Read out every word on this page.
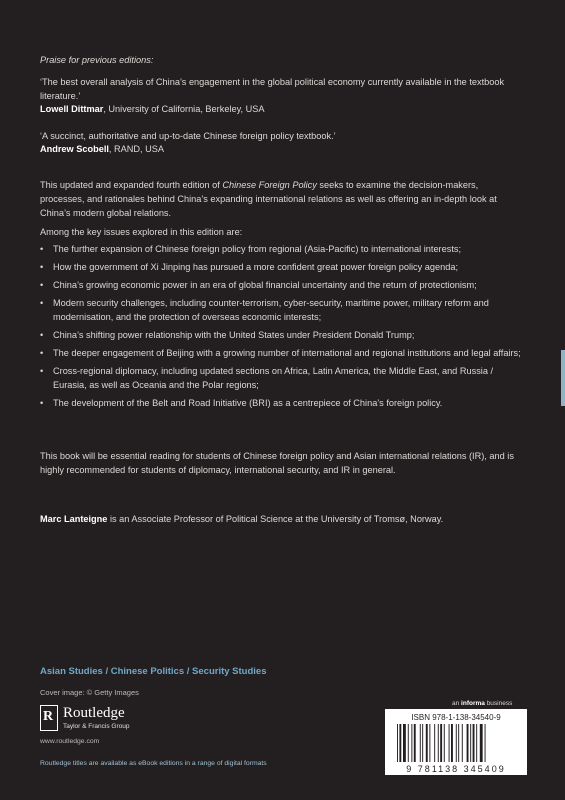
Praise for previous editions:
‘The best overall analysis of China’s engagement in the global political economy currently available in the textbook literature.’
Lowell Dittmar, University of California, Berkeley, USA
‘A succinct, authoritative and up-to-date Chinese foreign policy textbook.’
Andrew Scobell, RAND, USA
This updated and expanded fourth edition of Chinese Foreign Policy seeks to examine the decision-makers, processes, and rationales behind China’s expanding international relations as well as offering an in-depth look at China’s modern global relations.
Among the key issues explored in this edition are:
• The further expansion of Chinese foreign policy from regional (Asia-Pacific) to international interests;
• How the government of Xi Jinping has pursued a more confident great power foreign policy agenda;
• China’s growing economic power in an era of global financial uncertainty and the return of protectionism;
• Modern security challenges, including counter-terrorism, cyber-security, maritime power, military reform and modernisation, and the protection of overseas economic interests;
• China’s shifting power relationship with the United States under President Donald Trump;
• The deeper engagement of Beijing with a growing number of international and regional institutions and legal affairs;
• Cross-regional diplomacy, including updated sections on Africa, Latin America, the Middle East, and Russia / Eurasia, as well as Oceania and the Polar regions;
• The development of the Belt and Road Initiative (BRI) as a centrepiece of China’s foreign policy.
This book will be essential reading for students of Chinese foreign policy and Asian international relations (IR), and is highly recommended for students of diplomacy, international security, and IR in general.
Marc Lanteigne is an Associate Professor of Political Science at the University of Tromsø, Norway.
Asian Studies / Chinese Politics / Security Studies
Cover image: © Getty Images
R Routledge
Taylor & Francis Group
www.routledge.com
Routledge titles are available as eBook editions in a range of digital formats
an informa business
ISBN 978-1-138-34540-9
9 781138 345409
